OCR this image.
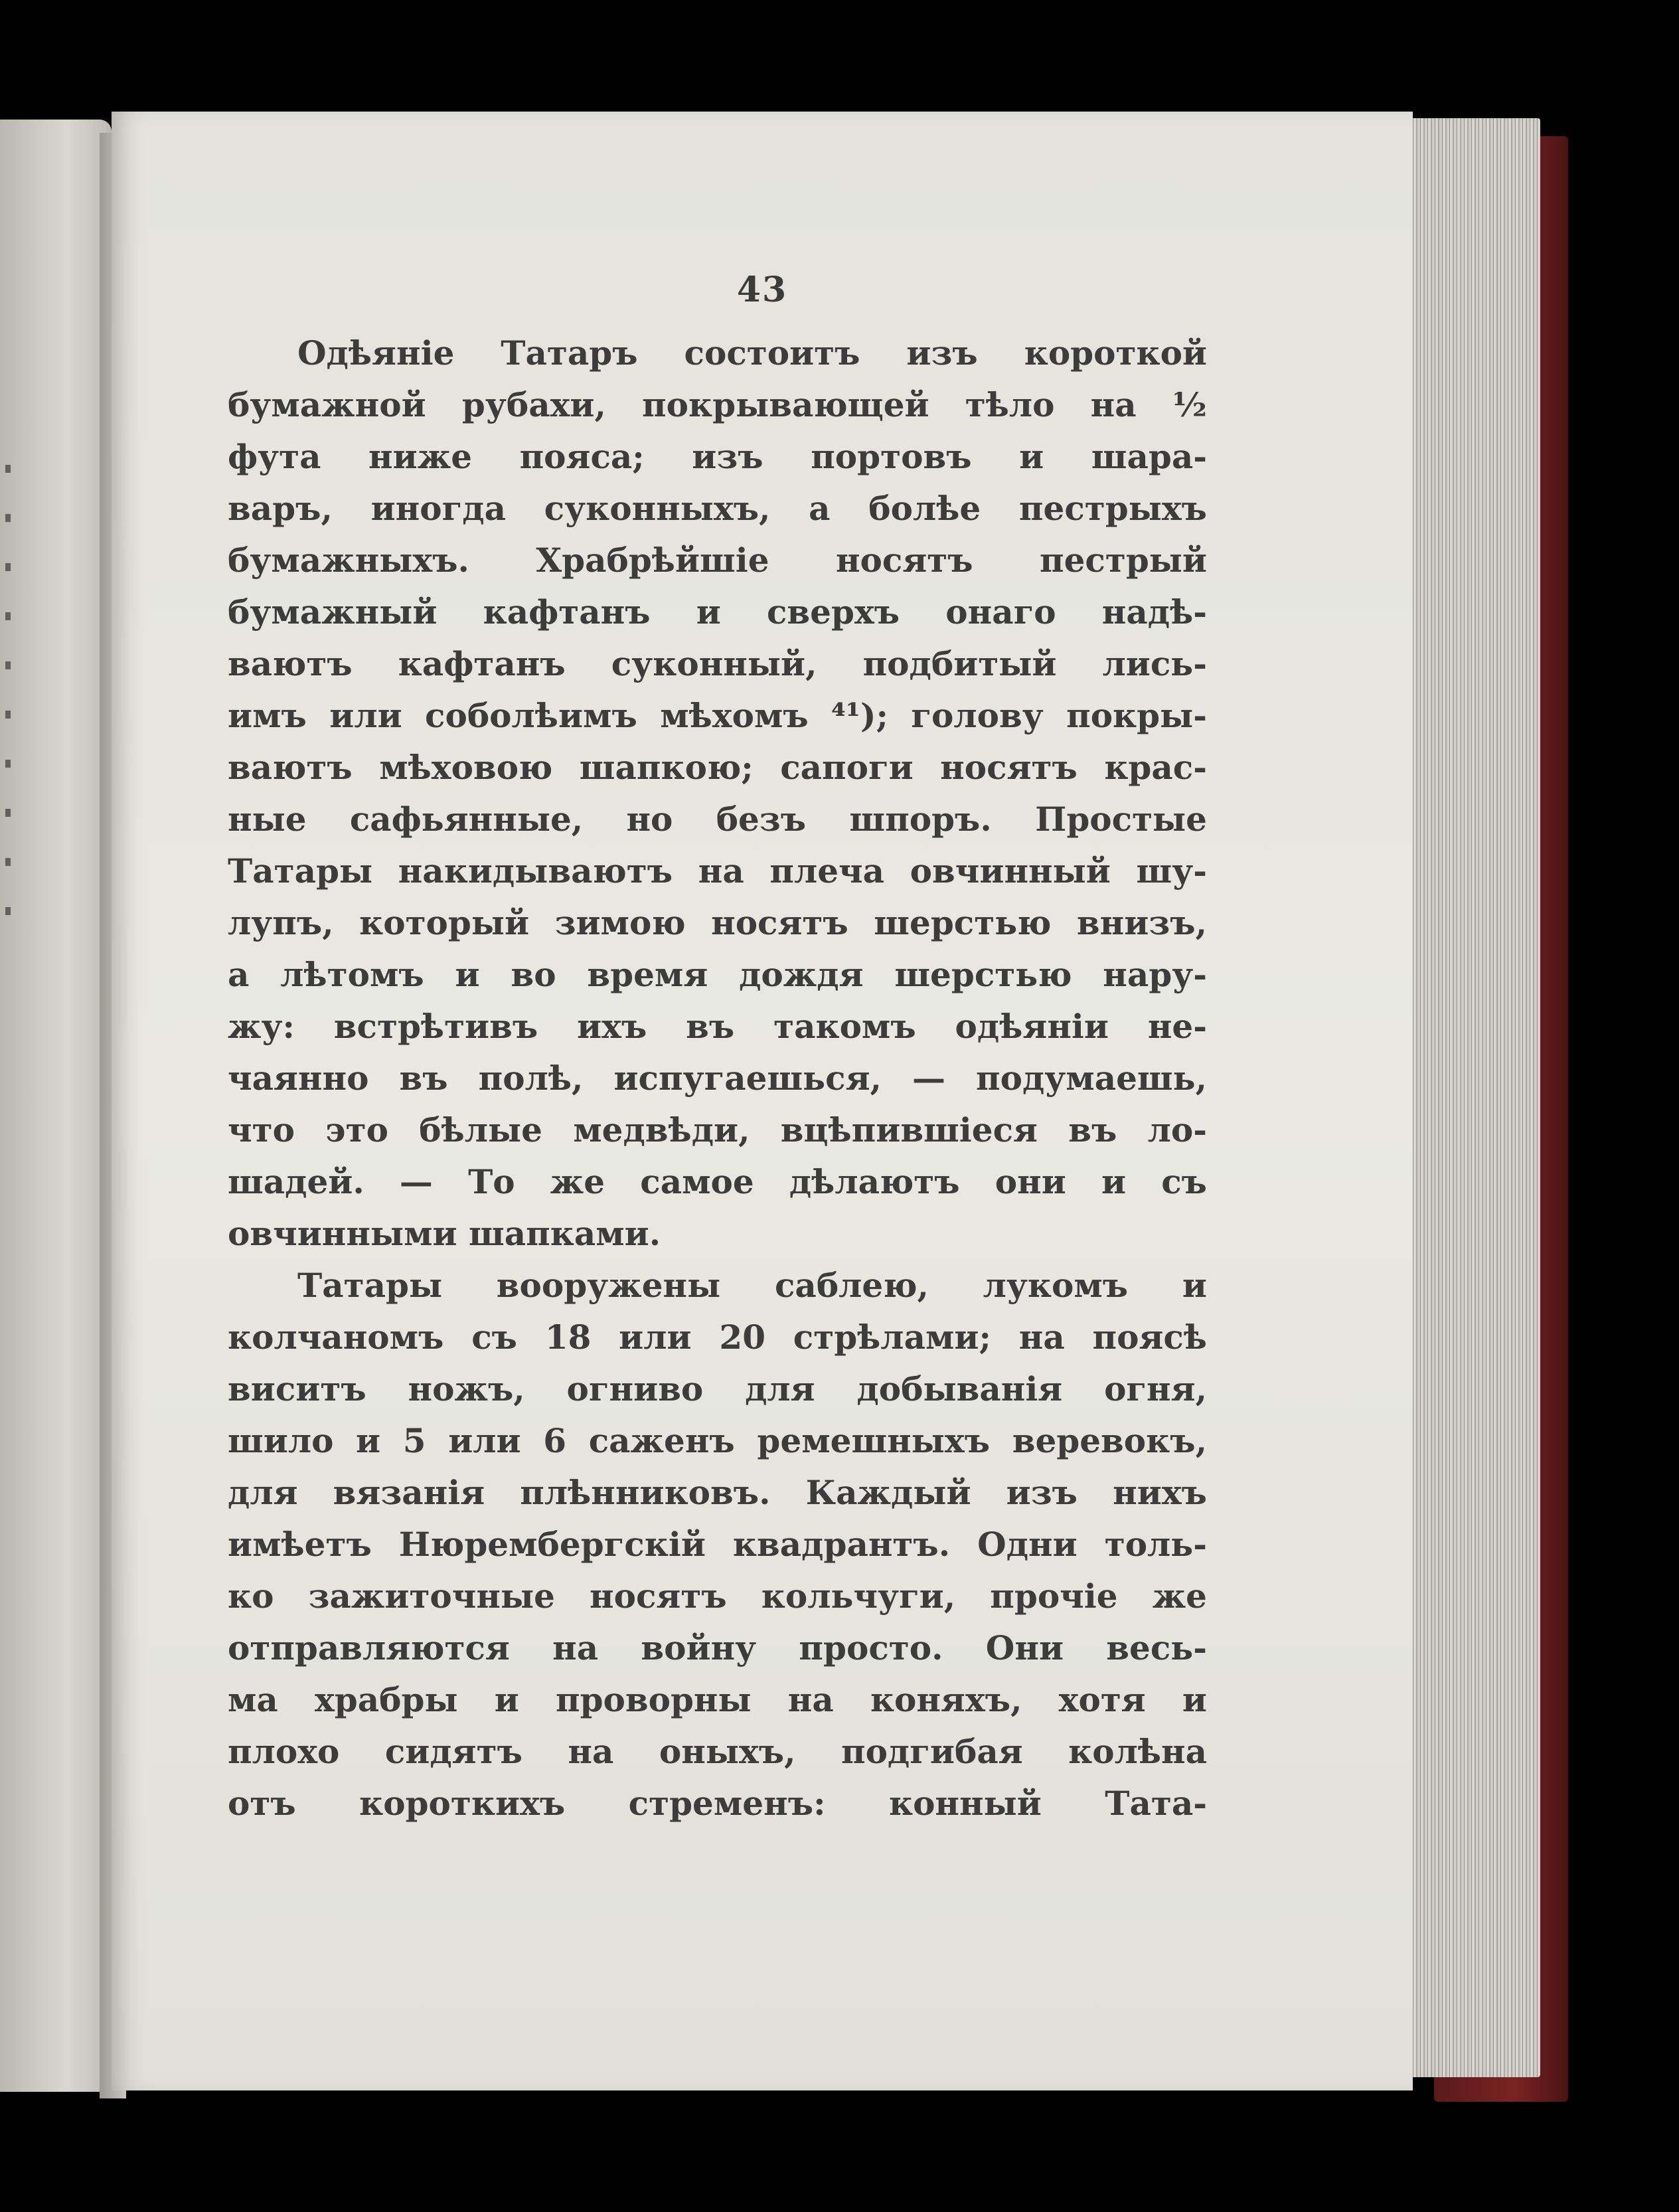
43
Одѣяніе Татаръ состоитъ изъ короткой
бумажной рубахи, покрывающей тѣло на ½
фута ниже пояса; изъ портовъ и шара-
варъ, иногда суконныхъ, а болѣе пестрыхъ
бумажныхъ. Храбрѣйшіе носятъ пестрый
бумажный кафтанъ и сверхъ онаго надѣ-
ваютъ кафтанъ суконный, подбитый лись-
имъ или соболѣимъ мѣхомъ ⁴¹); голову покры-
ваютъ мѣховою шапкою; сапоги носятъ крас-
ные сафьянные, но безъ шпоръ. Простые
Татары накидываютъ на плеча овчинный шу-
лупъ, который зимою носятъ шерстью внизъ,
а лѣтомъ и во время дождя шерстью нару-
жу: встрѣтивъ ихъ въ такомъ одѣяніи не-
чаянно въ полѣ, испугаешься, — подумаешь,
что это бѣлые медвѣди, вцѣпившіеся въ ло-
шадей. — То же самое дѣлаютъ они и съ
овчинными шапками.
Татары вооружены саблею, лукомъ и
колчаномъ съ 18 или 20 стрѣлами; на поясѣ
виситъ ножъ, огниво для добыванія огня,
шило и 5 или 6 саженъ ремешныхъ веревокъ,
для вязанія плѣнниковъ. Каждый изъ нихъ
имѣетъ Нюрембергскій квадрантъ. Одни толь-
ко зажиточные носятъ кольчуги, прочіе же
отправляются на войну просто. Они весь-
ма храбры и проворны на коняхъ, хотя и
плохо сидятъ на оныхъ, подгибая колѣна
отъ короткихъ стременъ: конный Тата-
